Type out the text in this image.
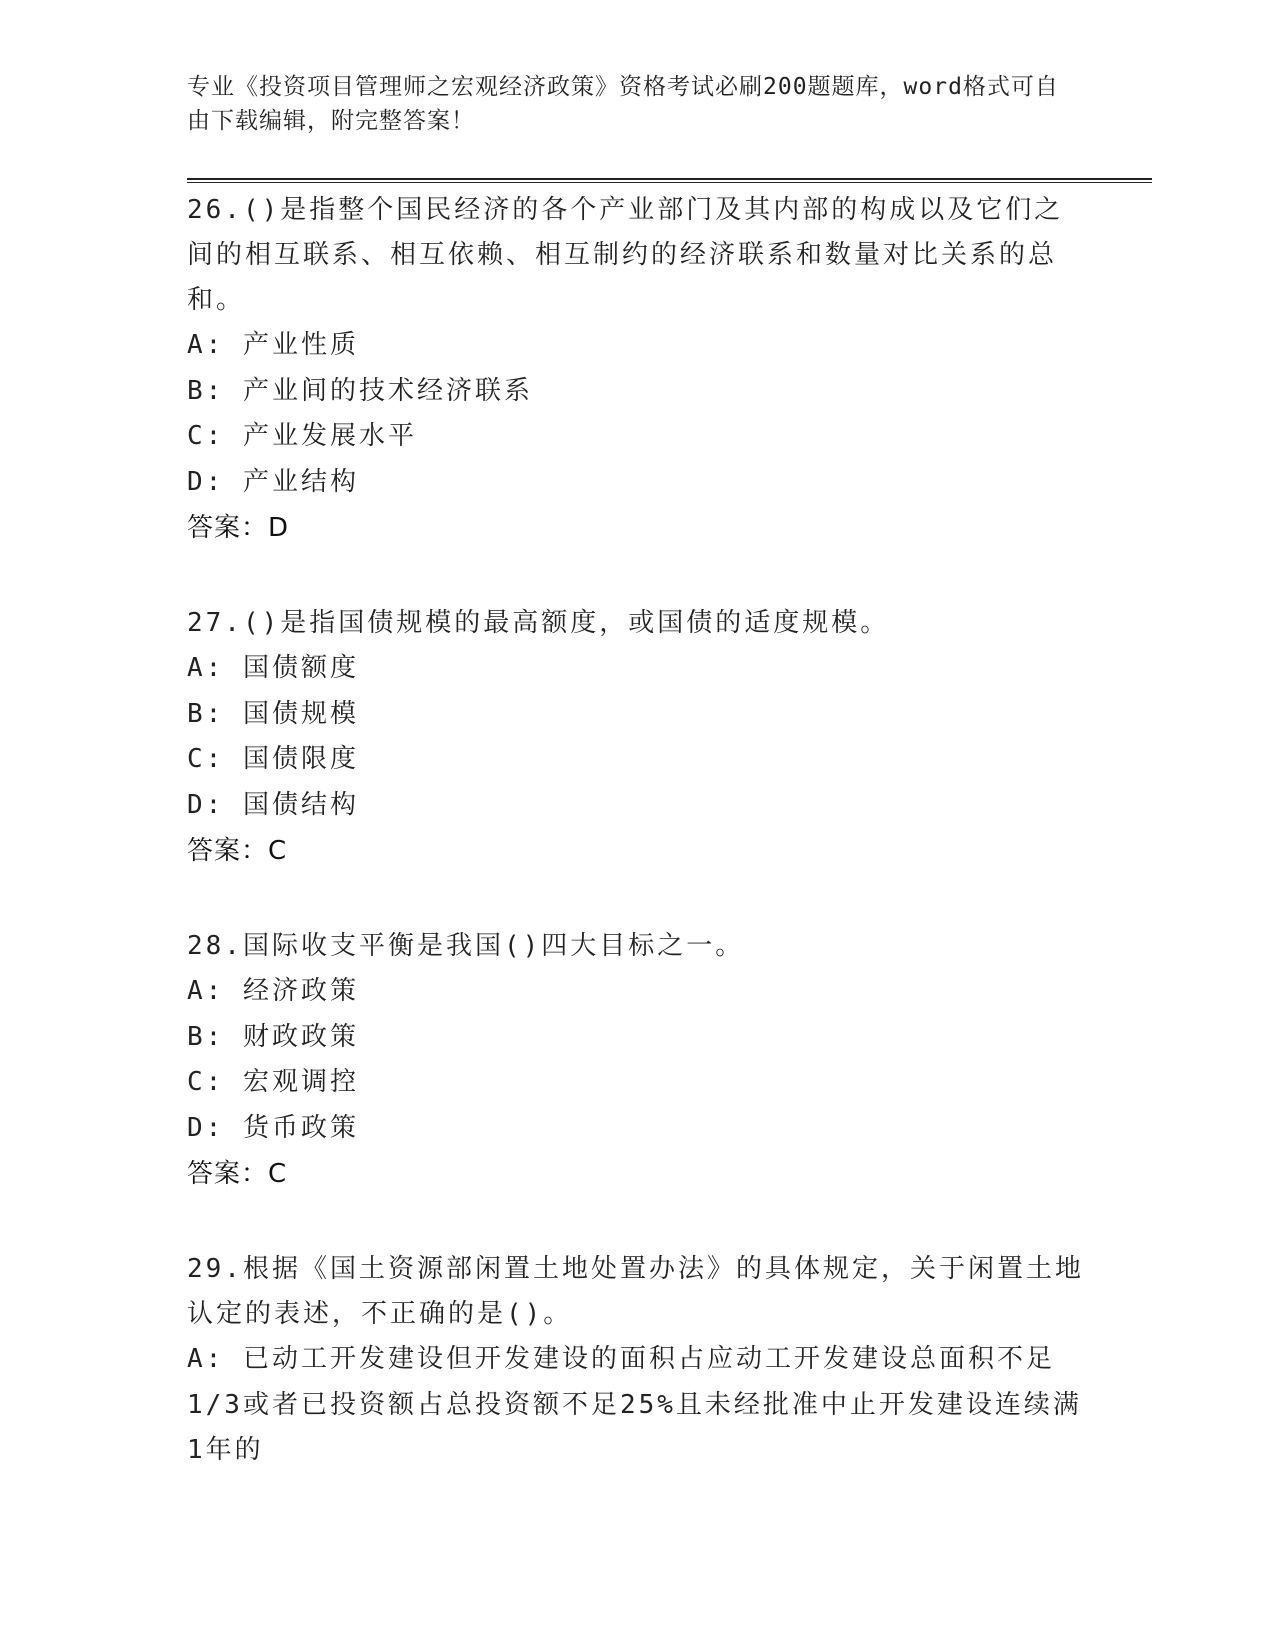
专业《投资项目管理师之宏观经济政策》资格考试必刷200题题库，word格式可自由下载编辑，附完整答案！

26.()是指整个国民经济的各个产业部门及其内部的构成以及它们之间的相互联系、相互依赖、相互制约的经济联系和数量对比关系的总和。

A: 产业性质

B: 产业间的技术经济联系

C: 产业发展水平

D: 产业结构

答案：D

27.()是指国债规模的最高额度，或国债的适度规模。

A: 国债额度

B: 国债规模

C: 国债限度

D: 国债结构

答案：C

28.国际收支平衡是我国()四大目标之一。

A: 经济政策

B: 财政政策

C: 宏观调控

D: 货币政策

答案：C

29.根据《国土资源部闲置土地处置办法》的具体规定，关于闲置土地认定的表述，不正确的是()。

A: 已动工开发建设但开发建设的面积占应动工开发建设总面积不足1/3或者已投资额占总投资额不足25%且未经批准中止开发建设连续满1年的
